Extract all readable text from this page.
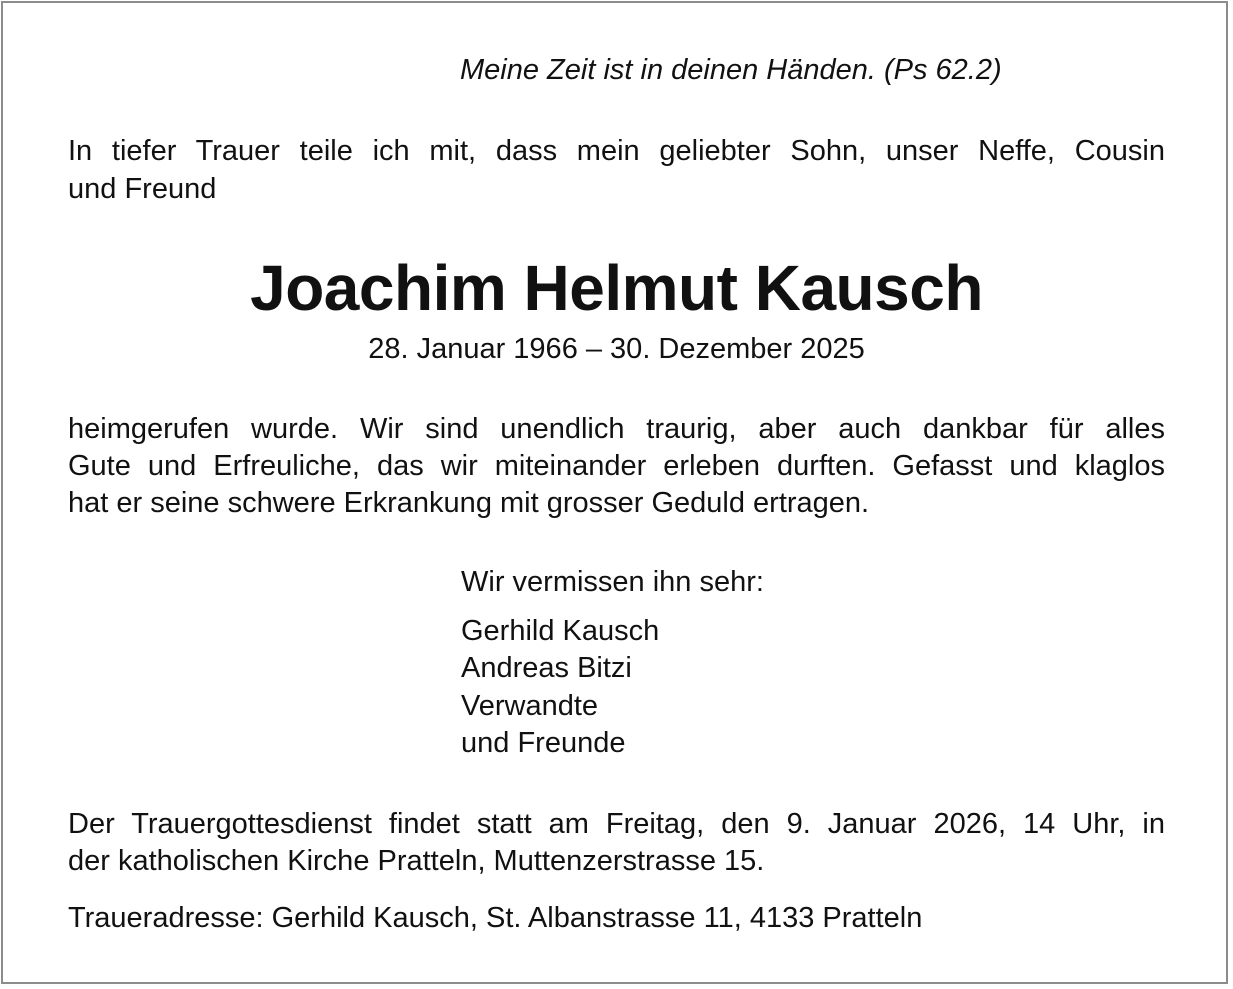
Meine Zeit ist in deinen Händen. (Ps 62.2)
In tiefer Trauer teile ich mit, dass mein geliebter Sohn, unser Neffe, Cousin
und Freund
Joachim Helmut Kausch
28. Januar 1966 – 30. Dezember 2025
heimgerufen wurde. Wir sind unendlich traurig, aber auch dankbar für alles
Gute und Erfreuliche, das wir miteinander erleben durften. Gefasst und klaglos
hat er seine schwere Erkrankung mit grosser Geduld ertragen.
Wir vermissen ihn sehr:
Gerhild Kausch
Andreas Bitzi
Verwandte
und Freunde
Der Trauergottesdienst findet statt am Freitag, den 9. Januar 2026, 14 Uhr, in
der katholischen Kirche Pratteln, Muttenzerstrasse 15.
Traueradresse: Gerhild Kausch, St. Albanstrasse 11, 4133 Pratteln
